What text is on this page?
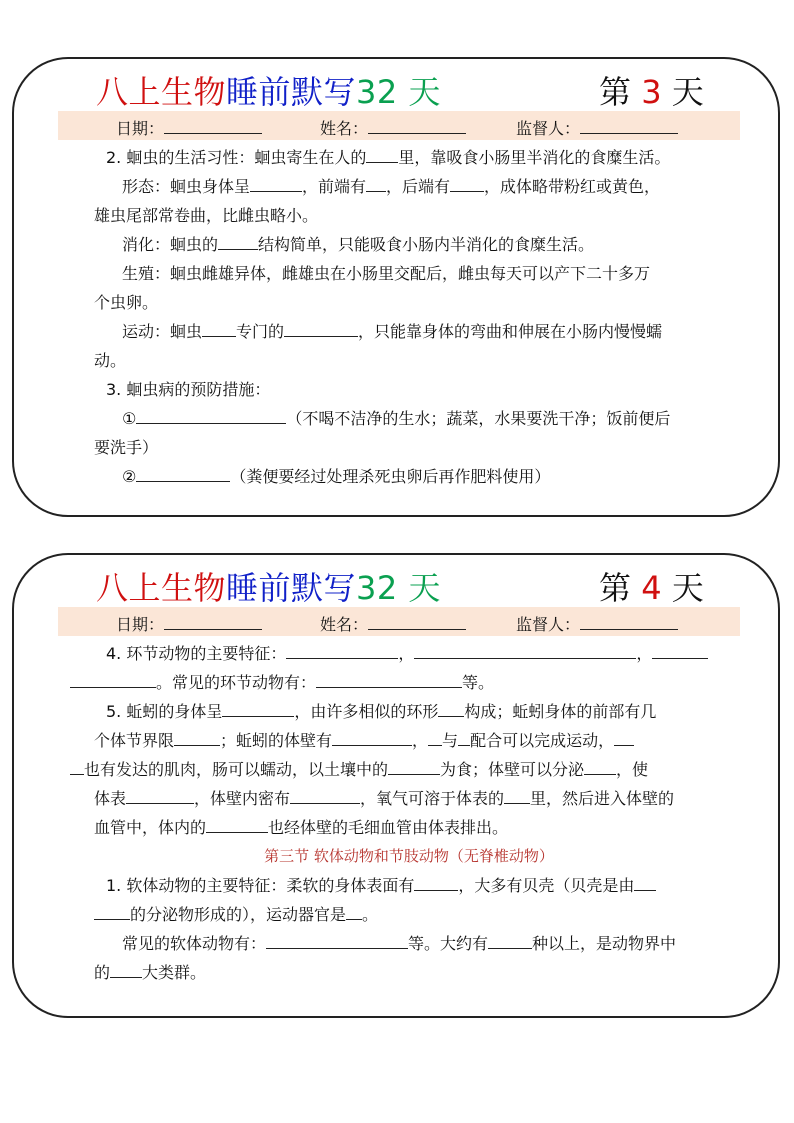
八上生物睡前默写32 天	第 3 天
日期：	姓名：	监督人：
2. 蛔虫的生活习性：蛔虫寄生在人的 里，靠吸食小肠里半消化的食糜生活。
形态：蛔虫身体呈	，前端有 ，后端有 ，成体略带粉红或黄色，
雄虫尾部常卷曲，比雌虫略小。
消化：蛔虫的	结构简单，只能吸食小肠内半消化的食糜生活。
生殖：蛔虫雌雄异体，雌雄虫在小肠里交配后，雌虫每天可以产下二十多万
个虫卵。
运动：蛔虫 专门的	，只能靠身体的弯曲和伸展在小肠内慢慢蠕
动。
3. 蛔虫病的预防措施：
①	（不喝不洁净的生水；蔬菜，水果要洗干净；饭前便后
要洗手）
②	（粪便要经过处理杀死虫卵后再作肥料使用）
八上生物睡前默写32 天	第 4 天
日期：	姓名：	监督人：
4. 环节动物的主要特征：	，	，
。常见的环节动物有：	等。
5. 蚯蚓的身体呈	，由许多相似的环形 构成；蚯蚓身体的前部有几
个体节界限	；蚯蚓的体壁有	， 与 配合可以完成运动，
也有发达的肌肉，肠可以蠕动，以土壤中的	为食；体壁可以分泌 ，使
体表	，体壁内密布	，氧气可溶于体表的 里，然后进入体壁的
血管中，体内的	也经体壁的毛细血管由体表排出。
第三节 软体动物和节肢动物（无脊椎动物）
1. 软体动物的主要特征：柔软的身体表面有	，大多有贝壳（贝壳是由
的分泌物形成的），运动器官是 。
常见的软体动物有：	等。大约有	种以上，是动物界中
的 大类群。
